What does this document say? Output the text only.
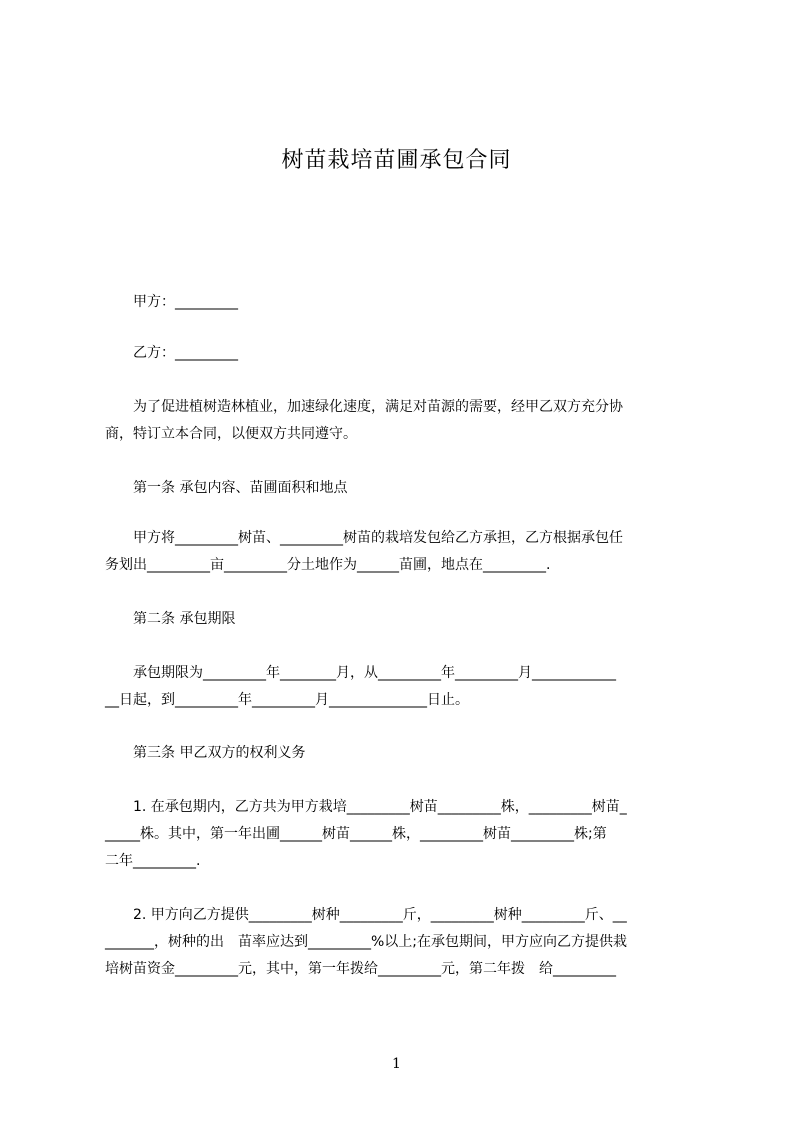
树苗栽培苗圃承包合同
甲方：_________
乙方：_________
　为了促进植树造林植业，加速绿化速度，满足对苗源的需要，经甲乙双方充分协
商，特订立本合同，以便双方共同遵守。
第一条 承包内容、苗圃面积和地点
　甲方将_________树苗、_________树苗的栽培发包给乙方承担，乙方根据承包任
务划出_________亩_________分土地作为______苗圃，地点在_________.
第二条 承包期限
　承包期限为_________年________月，从_________年_________月____________
__日起，到_________年_________月______________日止。
第三条 甲乙双方的权利义务
　1. 在承包期内，乙方共为甲方栽培_________树苗_________株，_________树苗_
_____株。其中，第一年出圃______树苗______株，_________树苗_________株;第
二年_________.
　2. 甲方向乙方提供_________树种_________斤，_________树种_________斤、__
_______，树种的出　苗率应达到_________%以上;在承包期间，甲方应向乙方提供栽
培树苗资金_________元，其中，第一年拨给_________元，第二年拨　给_________
1
